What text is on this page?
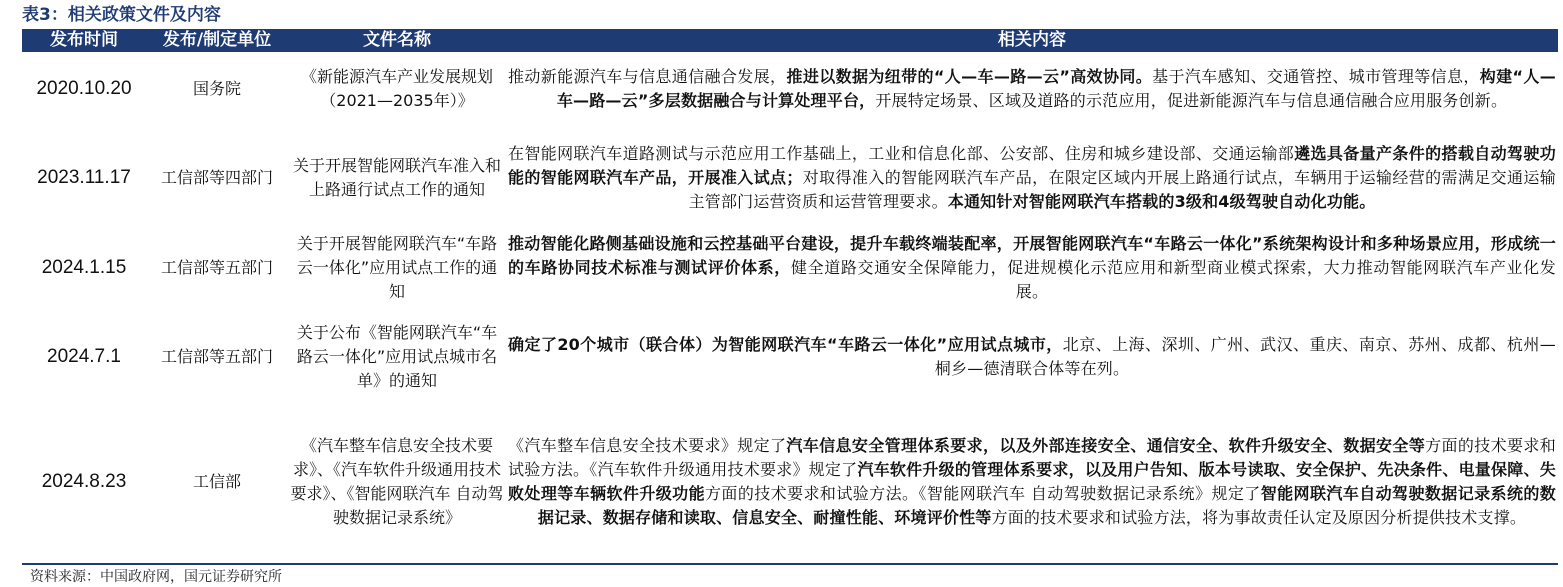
表3：相关政策文件及内容
发布时间	发布/制定单位	文件名称	相关内容
2020.10.20	国务院	《新能源汽车产业发展规划（2021—2035年）》	推动新能源汽车与信息通信融合发展，推进以数据为纽带的“人—车—路—云”高效协同。基于汽车感知、交通管控、城市管理等信息，构建“人—车—路—云”多层数据融合与计算处理平台，开展特定场景、区域及道路的示范应用，促进新能源汽车与信息通信融合应用服务创新。
2023.11.17	工信部等四部门	关于开展智能网联汽车准入和上路通行试点工作的通知	在智能网联汽车道路测试与示范应用工作基础上，工业和信息化部、公安部、住房和城乡建设部、交通运输部遴选具备量产条件的搭载自动驾驶功能的智能网联汽车产品，开展准入试点；对取得准入的智能网联汽车产品，在限定区域内开展上路通行试点，车辆用于运输经营的需满足交通运输主管部门运营资质和运营管理要求。本通知针对智能网联汽车搭载的3级和4级驾驶自动化功能。
2024.1.15	工信部等五部门	关于开展智能网联汽车“车路云一体化”应用试点工作的通知	推动智能化路侧基础设施和云控基础平台建设，提升车载终端装配率，开展智能网联汽车“车路云一体化”系统架构设计和多种场景应用，形成统一的车路协同技术标准与测试评价体系，健全道路交通安全保障能力，促进规模化示范应用和新型商业模式探索，大力推动智能网联汽车产业化发展。
2024.7.1	工信部等五部门	关于公布《智能网联汽车“车路云一体化”应用试点城市名单》的通知	确定了20个城市（联合体）为智能网联汽车“车路云一体化”应用试点城市，北京、上海、深圳、广州、武汉、重庆、南京、苏州、成都、杭州—桐乡—德清联合体等在列。
2024.8.23	工信部	《汽车整车信息安全技术要求》、《汽车软件升级通用技术要求》、《智能网联汽车 自动驾驶数据记录系统》	《汽车整车信息安全技术要求》规定了汽车信息安全管理体系要求，以及外部连接安全、通信安全、软件升级安全、数据安全等方面的技术要求和试验方法。《汽车软件升级通用技术要求》规定了汽车软件升级的管理体系要求，以及用户告知、版本号读取、安全保护、先决条件、电量保障、失败处理等车辆软件升级功能方面的技术要求和试验方法。《智能网联汽车 自动驾驶数据记录系统》规定了智能网联汽车自动驾驶数据记录系统的数据记录、数据存储和读取、信息安全、耐撞性能、环境评价性等方面的技术要求和试验方法，将为事故责任认定及原因分析提供技术支撑。
资料来源：中国政府网，国元证券研究所
